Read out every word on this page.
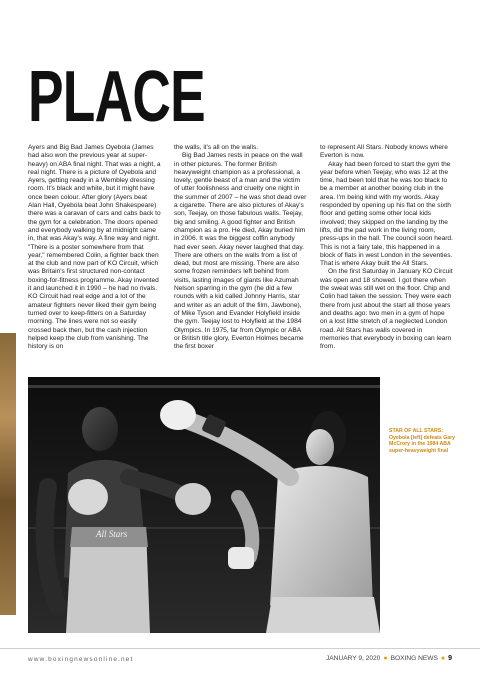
PLACE

Ayers and Big Bad James Oyebola (James had also won the previous year at super-heavy) on ABA final night. That was a night, a real night. There is a picture of Oyebola and Ayers, getting ready in a Wembley dressing room. It's black and white, but it might have once been colour. After glory (Ayers beat Alan Hall, Oyebola beat John Shakespeare) there was a caravan of cars and cabs back to the gym for a celebration. The doors opened and everybody walking by at midnight came in, that was Akay's way. A fine way and night. "There is a poster somewhere from that year," remembered Colin, a fighter back then at the club and now part of KO Circuit, which was Britain's first structured non-contact boxing-for-fitness programme. Akay invented it and launched it in 1990 – he had no rivals. KO Circuit had real edge and a lot of the amateur fighters never liked their gym being turned over to keep-fitters on a Saturday morning. The lines were not so easily crossed back then, but the cash injection helped keep the club from vanishing. The history is on

the walls, it's all on the walls.

Big Bad James rests in peace on the wall in other pictures. The former British heavyweight champion as a professional, a lovely, gentle beast of a man and the victim of utter foolishness and cruelty one night in the summer of 2007 – he was shot dead over a cigarette. There are also pictures of Akay's son, Teejay, on those fabulous walls. Teejay, big and smiling. A good fighter and British champion as a pro. He died, Akay buried him in 2006. It was the biggest coffin anybody had ever seen. Akay never laughed that day. There are others on the walls from a list of dead, but most are missing. There are also some frozen reminders left behind from visits, lasting images of giants like Azumah Nelson sparring in the gym (he did a few rounds with a kid called Johnny Harris, star and writer as an adult of the film, Jawbone), of Mike Tyson and Evander Holyfield inside the gym. Teejay lost to Holyfield at the 1984 Olympics. In 1975, far from Olympic or ABA or British title glory, Everton Holmes became the first boxer

to represent All Stars. Nobody knows where Everton is now.

Akay had been forced to start the gym the year before when Teejay, who was 12 at the time, had been told that he was too black to be a member at another boxing club in the area. I'm being kind with my words. Akay responded by opening up his flat on the sixth floor and getting some other local kids involved; they skipped on the landing by the lifts, did the pad work in the living room, press-ups in the hall. The council soon heard. This is not a fairy tale, this happened in a block of flats in west London in the seventies. That is where Akay built the All Stars.

On the first Saturday in January KO Circuit was open and 18 showed. I got there when the sweat was still wet on the floor. Chip and Colin had taken the session. They were each there from just about the start all those years and deaths ago: two men in a gym of hope on a lost little stretch of a neglected London road. All Stars has walls covered in memories that everybody in boxing can learn from.

All Stars

STAR OF ALL STARS: Oyebola [left] defeats Gary McCrory in the 1984 ABA super-heavyweight final

www.boxingnewsonline.net	JANUARY 9, 2020 ● BOXING NEWS ● 9
